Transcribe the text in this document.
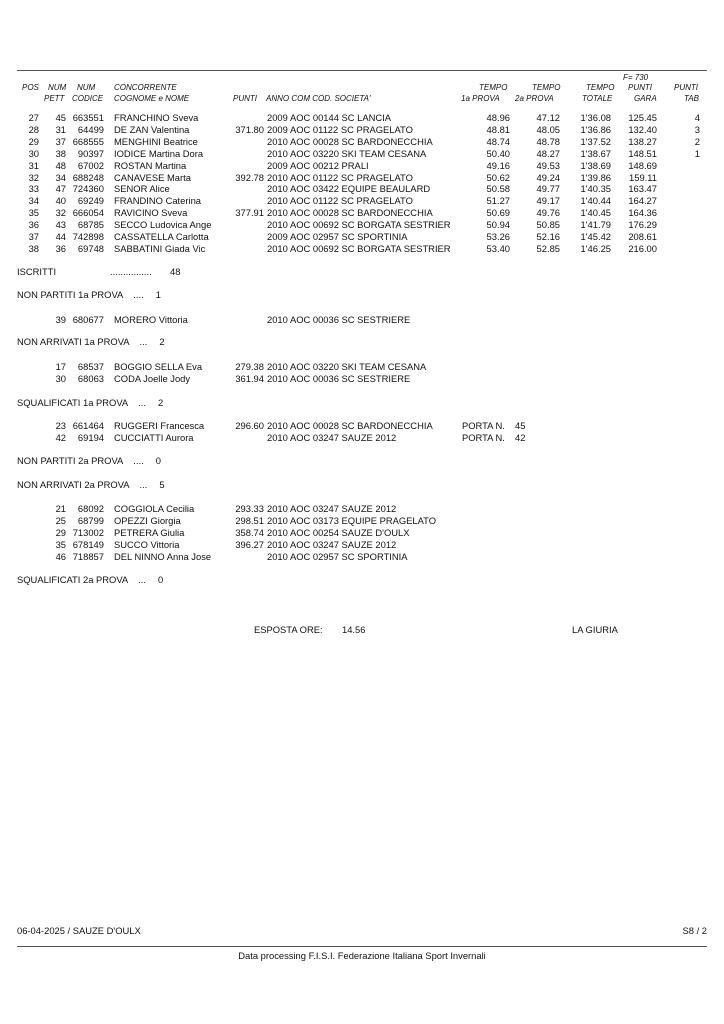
F= 730
POS NUM NUM CONCORRENTE	TEMPO	TEMPO	TEMPO PUNTI	PUNTI
PETT CODICE COGNOME e NOME	PUNTI ANNO COM COD. SOCIETA'	1a PROVA 2a PROVA	TOTALE	GARA	TAB
27	45 663551 FRANCHINO Sveva	2009 AOC 00144 SC LANCIA	48.96	47.12	1'36.08	125.45	4
28	31	64499 DE ZAN Valentina	371.80 2009 AOC 01122 SC PRAGELATO	48.81	48.05	1'36.86	132.40	3
29	37 668555 MENGHINI Beatrice	2010 AOC 00028 SC BARDONECCHIA	48.74	48.78	1'37.52	138.27	2
30	38	90397 IODICE Martina Dora	2010 AOC 03220 SKI TEAM CESANA	50.40	48.27	1'38.67	148.51	1
31	48	67002 ROSTAN Martina	2009 AOC 00212 PRALI	49.16	49.53	1'38.69	148.69
32	34 688248 CANAVESE Marta	392.78 2010 AOC 01122 SC PRAGELATO	50.62	49.24	1'39.86	159.11
33	47 724360 SENOR Alice	2010 AOC 03422 EQUIPE BEAULARD	50.58	49.77	1'40.35	163.47
34	40	69249 FRANDINO Caterina	2010 AOC 01122 SC PRAGELATO	51.27	49.17	1'40.44	164.27
35	32 666054 RAVICINO Sveva	377.91 2010 AOC 00028 SC BARDONECCHIA	50.69	49.76	1'40.45	164.36
36	43	68785 SECCO Ludovica Ange	2010 AOC 00692 SC BORGATA SESTRIER	50.94	50.85	1'41.79	176.29
37	44 742898 CASSATELLA Carlotta	2009 AOC 02957 SC SPORTINIA	53.26	52.16	1'45.42	208.61
38	36	69748 SABBATINI Giada Vic	2010 AOC 00692 SC BORGATA SESTRIER	53.40	52.85	1'46.25	216.00
ISCRITTI	................ 48
NON PARTITI 1a PROVA .... 1
39 680677 MORERO Vittoria	2010 AOC 00036 SC SESTRIERE
NON ARRIVATI 1a PROVA ... 2
17	68537 BOGGIO SELLA Eva	279.38 2010 AOC 03220 SKI TEAM CESANA
30	68063 CODA Joelle Jody	361.94 2010 AOC 00036 SC SESTRIERE
SQUALIFICATI 1a PROVA ... 2
23 661464 RUGGERI Francesca	296.60 2010 AOC 00028 SC BARDONECCHIA	PORTA N. 45
42	69194 CUCCIATTI Aurora	2010 AOC 03247 SAUZE 2012	PORTA N. 42
NON PARTITI 2a PROVA .... 0
NON ARRIVATI 2a PROVA ... 5
21	68092 COGGIOLA Cecilia	293.33 2010 AOC 03247 SAUZE 2012
25	68799 OPEZZI Giorgia	298.51 2010 AOC 03173 EQUIPE PRAGELATO
29 713002 PETRERA Giulia	358.74 2010 AOC 00254 SAUZE D'OULX
35 678149 SUCCO Vittoria	396.27 2010 AOC 03247 SAUZE 2012
46 718857 DEL NINNO Anna Jose	2010 AOC 02957 SC SPORTINIA
SQUALIFICATI 2a PROVA ... 0
ESPOSTA ORE: 14.56	LA GIURIA
06-04-2025 / SAUZE D'OULX	S8 / 2
Data processing F.I.S.I. Federazione Italiana Sport Invernali
